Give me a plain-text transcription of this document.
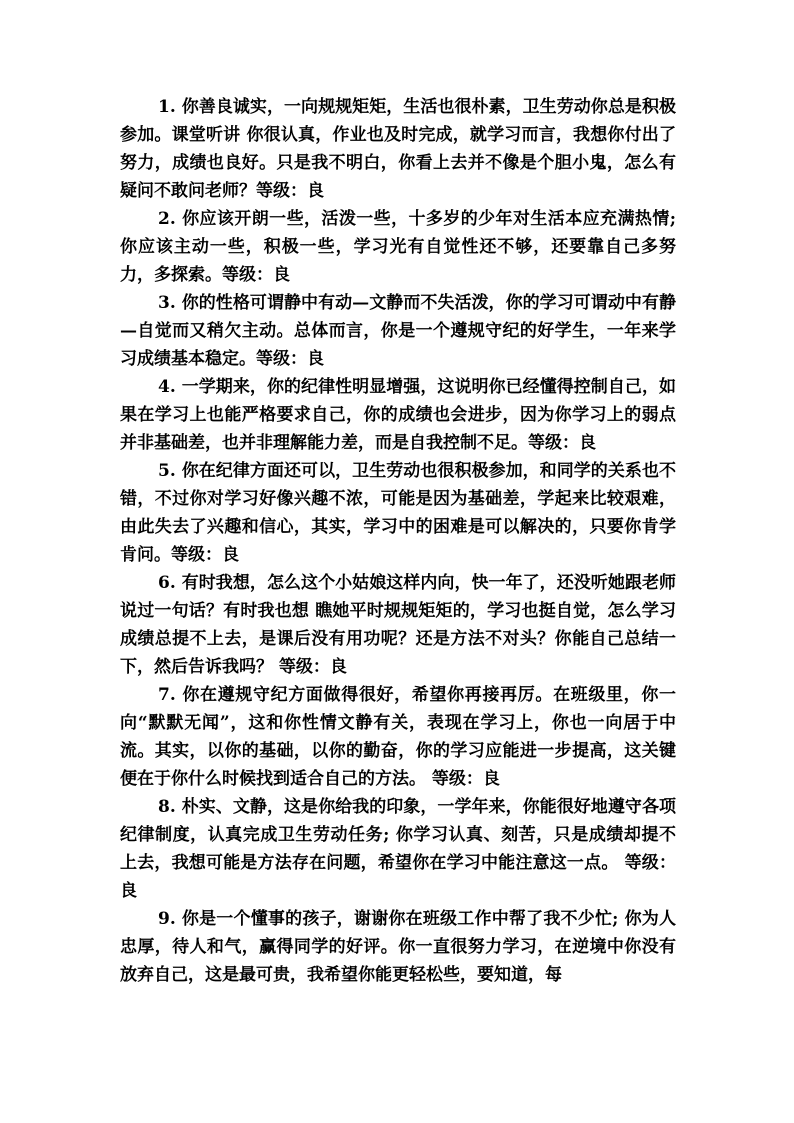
1. 你善良诚实，一向规规矩矩，生活也很朴素，卫生劳动你总是积极参加。课堂听讲 你很认真，作业也及时完成，就学习而言，我想你付出了努力，成绩也良好。只是我不明白，你看上去并不像是个胆小鬼，怎么有疑问不敢问老师？等级：良

2. 你应该开朗一些，活泼一些，十多岁的少年对生活本应充满热情; 你应该主动一些，积极一些，学习光有自觉性还不够，还要靠自己多努力，多探索。等级：良

3. 你的性格可谓静中有动—文静而不失活泼，你的学习可谓动中有静—自觉而又稍欠主动。总体而言，你是一个遵规守纪的好学生，一年来学习成绩基本稳定。等级：良

4. 一学期来，你的纪律性明显增强，这说明你已经懂得控制自己，如果在学习上也能严格要求自己，你的成绩也会进步，因为你学习上的弱点并非基础差，也并非理解能力差，而是自我控制不足。等级：良

5. 你在纪律方面还可以，卫生劳动也很积极参加，和同学的关系也不错，不过你对学习好像兴趣不浓，可能是因为基础差，学起来比较艰难，由此失去了兴趣和信心，其实，学习中的困难是可以解决的，只要你肯学肯问。等级：良

6. 有时我想，怎么这个小姑娘这样内向，快一年了，还没听她跟老师说过一句话？有时我也想 瞧她平时规规矩矩的，学习也挺自觉，怎么学习成绩总提不上去，是课后没有用功呢？还是方法不对头？你能自己总结一下，然后告诉我吗？ 等级：良

7. 你在遵规守纪方面做得很好，希望你再接再厉。在班级里，你一向“默默无闻”，这和你性情文静有关，表现在学习上，你也一向居于中流。其实，以你的基础，以你的勤奋，你的学习应能进一步提高，这关键便在于你什么时候找到适合自己的方法。 等级：良

8. 朴实、文静，这是你给我的印象，一学年来，你能很好地遵守各项纪律制度，认真完成卫生劳动任务; 你学习认真、刻苦，只是成绩却提不上去，我想可能是方法存在问题，希望你在学习中能注意这一点。 等级：良

9. 你是一个懂事的孩子，谢谢你在班级工作中帮了我不少忙; 你为人忠厚，待人和气，赢得同学的好评。你一直很努力学习，在逆境中你没有放弃自己，这是最可贵，我希望你能更轻松些，要知道，每
